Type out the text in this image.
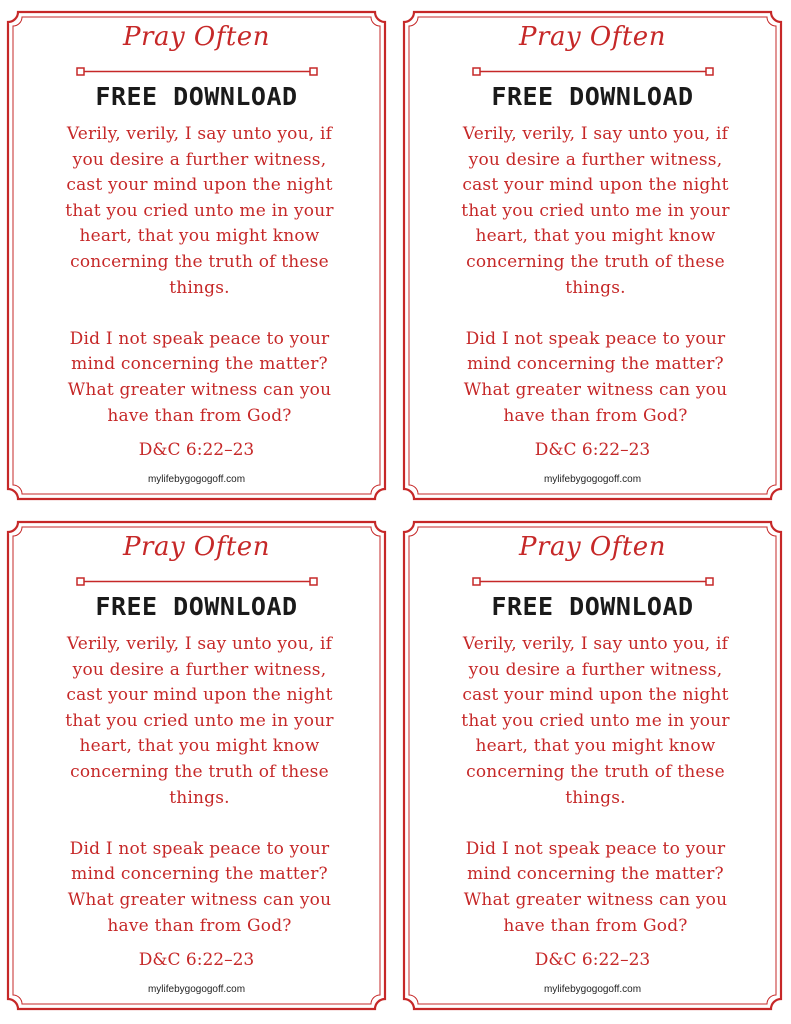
Pray Often
FREE DOWNLOAD
Verily, verily, I say unto you, if
you desire a further witness,
cast your mind upon the night
that you cried unto me in your
heart, that you might know
concerning the truth of these
things.

Did I not speak peace to your
mind concerning the matter?
What greater witness can you
have than from God?
D&C 6:22–23
mylifebygogogoff.com
Pray Often
FREE DOWNLOAD
Verily, verily, I say unto you, if
you desire a further witness,
cast your mind upon the night
that you cried unto me in your
heart, that you might know
concerning the truth of these
things.

Did I not speak peace to your
mind concerning the matter?
What greater witness can you
have than from God?
D&C 6:22–23
mylifebygogogoff.com
Pray Often
FREE DOWNLOAD
Verily, verily, I say unto you, if
you desire a further witness,
cast your mind upon the night
that you cried unto me in your
heart, that you might know
concerning the truth of these
things.

Did I not speak peace to your
mind concerning the matter?
What greater witness can you
have than from God?
D&C 6:22–23
mylifebygogogoff.com
Pray Often
FREE DOWNLOAD
Verily, verily, I say unto you, if
you desire a further witness,
cast your mind upon the night
that you cried unto me in your
heart, that you might know
concerning the truth of these
things.

Did I not speak peace to your
mind concerning the matter?
What greater witness can you
have than from God?
D&C 6:22–23
mylifebygogogoff.com
